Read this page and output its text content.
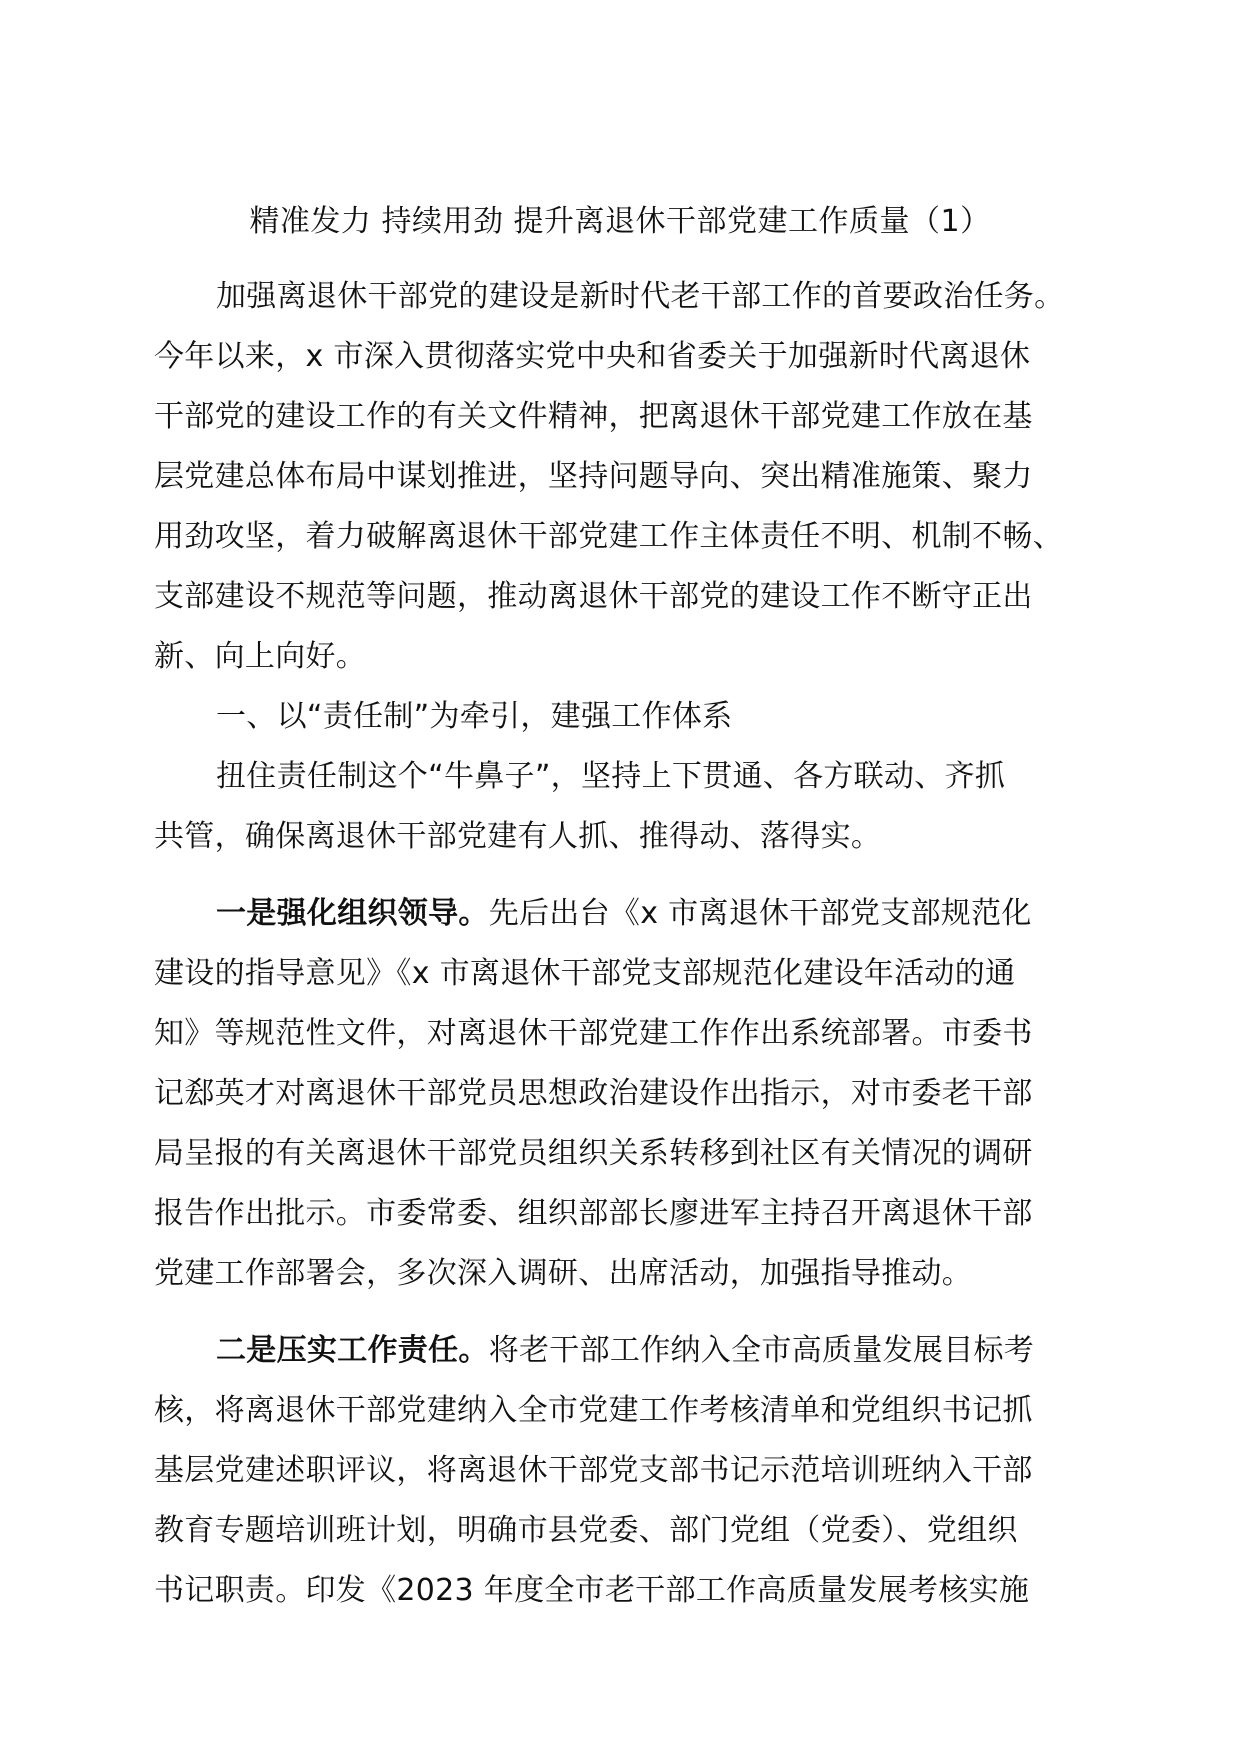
精准发力 持续用劲 提升离退休干部党建工作质量（1）
加强离退休干部党的建设是新时代老干部工作的首要政治任务。
今年以来，x 市深入贯彻落实党中央和省委关于加强新时代离退休
干部党的建设工作的有关文件精神，把离退休干部党建工作放在基
层党建总体布局中谋划推进，坚持问题导向、突出精准施策、聚力
用劲攻坚，着力破解离退休干部党建工作主体责任不明、机制不畅、
支部建设不规范等问题，推动离退休干部党的建设工作不断守正出
新、向上向好。
一、以“责任制”为牵引，建强工作体系
扭住责任制这个“牛鼻子”，坚持上下贯通、各方联动、齐抓
共管，确保离退休干部党建有人抓、推得动、落得实。
一是强化组织领导。先后出台《x 市离退休干部党支部规范化
建设的指导意见》《x 市离退休干部党支部规范化建设年活动的通
知》等规范性文件，对离退休干部党建工作作出系统部署。市委书
记郄英才对离退休干部党员思想政治建设作出指示，对市委老干部
局呈报的有关离退休干部党员组织关系转移到社区有关情况的调研
报告作出批示。市委常委、组织部部长廖进军主持召开离退休干部
党建工作部署会，多次深入调研、出席活动，加强指导推动。
二是压实工作责任。将老干部工作纳入全市高质量发展目标考
核，将离退休干部党建纳入全市党建工作考核清单和党组织书记抓
基层党建述职评议，将离退休干部党支部书记示范培训班纳入干部
教育专题培训班计划，明确市县党委、部门党组（党委）、党组织
书记职责。印发《2023 年度全市老干部工作高质量发展考核实施
